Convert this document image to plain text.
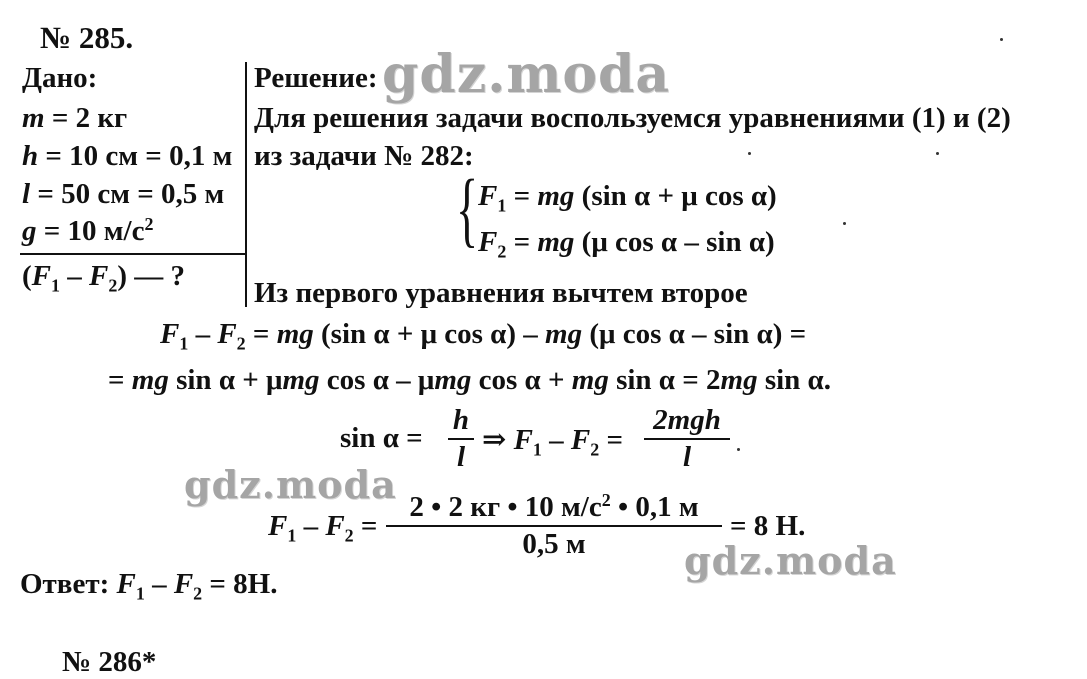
№ 285.
Дано:
m = 2 кг
h = 10 см = 0,1 м
l = 50 см = 0,5 м
g = 10 $м/с^2$
$(F_1 - F_2)$ — ?
Решение:
Для решения задачи воспользуемся уравнениями (1) и (2)
из задачи № 282:
{ $F_1$ = mg (sin α + μ cos α)
$F_2$ = mg (μ cos α – sin α)
Из первого уравнения вычтем второе
$F_1 - F_2$ = mg (sin α + μ cos α) – mg (μ cos α – sin α) =
= mg sin α + μmg cos α – μmg cos α + mg sin α = 2mg sin α.
sin α =
h
l
⇒ $F_1 - F_2$ =
2mgh
l
$F_1 - F_2$ =
2 • 2 кг • 10 $м/с^2$ • 0,1 м
0,5 м
= 8 Н.
Ответ: $F_1 - F_2 = 8Н$.
№ 286*
gdz.moda
gdz.moda
gdz.moda
